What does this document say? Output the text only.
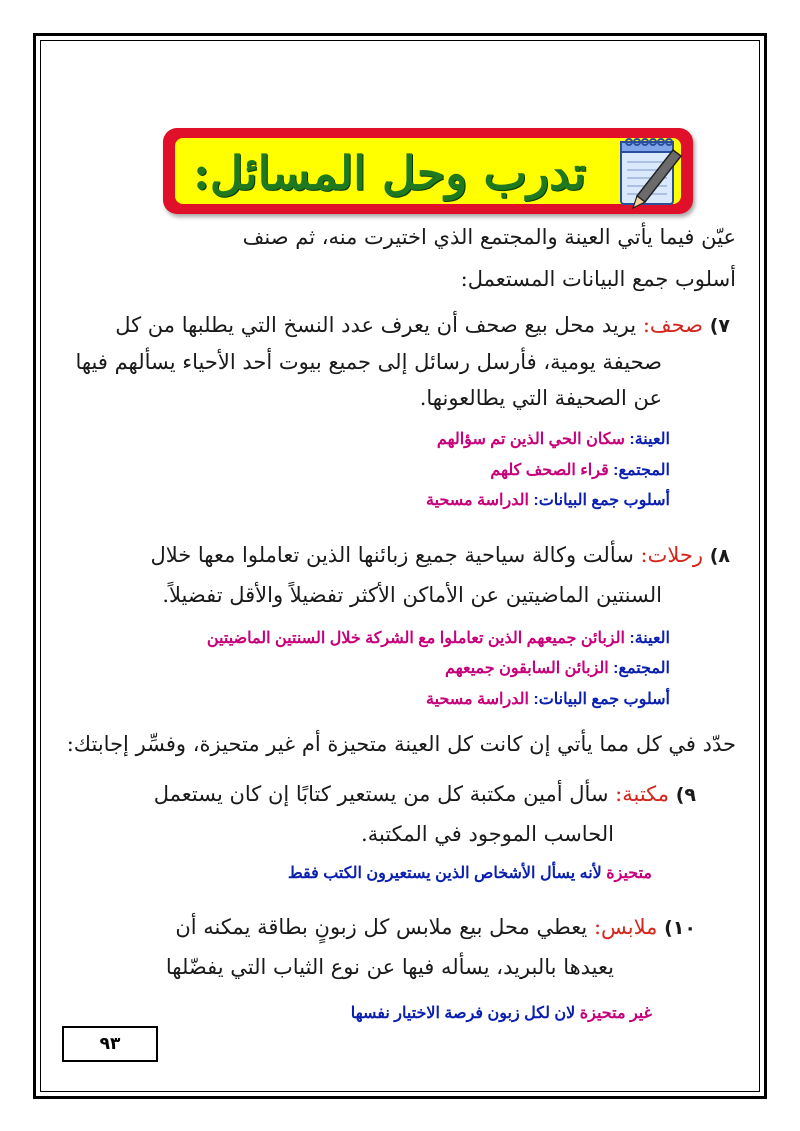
تدرب وحل المسائل:
عيّن فيما يأتي العينة والمجتمع الذي اختيرت منه، ثم صنف
أسلوب جمع البيانات المستعمل:
٧) صحف: يريد محل بيع صحف أن يعرف عدد النسخ التي يطلبها من كل
صحيفة يومية، فأرسل رسائل إلى جميع بيوت أحد الأحياء يسألهم فيها
عن الصحيفة التي يطالعونها.
العينة: سكان الحي الذين تم سؤالهم
المجتمع: قراء الصحف كلهم
أسلوب جمع البيانات: الدراسة مسحية
٨) رحلات: سألت وكالة سياحية جميع زبائنها الذين تعاملوا معها خلال
السنتين الماضيتين عن الأماكن الأكثر تفضيلاً والأقل تفضيلاً.
العينة: الزبائن جميعهم الذين تعاملوا مع الشركة خلال السنتين الماضيتين
المجتمع: الزبائن السابقون جميعهم
أسلوب جمع البيانات: الدراسة مسحية
حدّد في كل مما يأتي إن كانت كل العينة متحيزة أم غير متحيزة، وفسِّر إجابتك:
٩) مكتبة: سأل أمين مكتبة كل من يستعير كتابًا إن كان يستعمل
الحاسب الموجود في المكتبة.
متحيزة لأنه يسأل الأشخاص الذين يستعيرون الكتب فقط
١٠) ملابس: يعطي محل بيع ملابس كل زبونٍ بطاقة يمكنه أن
يعيدها بالبريد، يسأله فيها عن نوع الثياب التي يفضّلها
غير متحيزة لان لكل زبون فرصة الاختيار نفسها
٩٣
